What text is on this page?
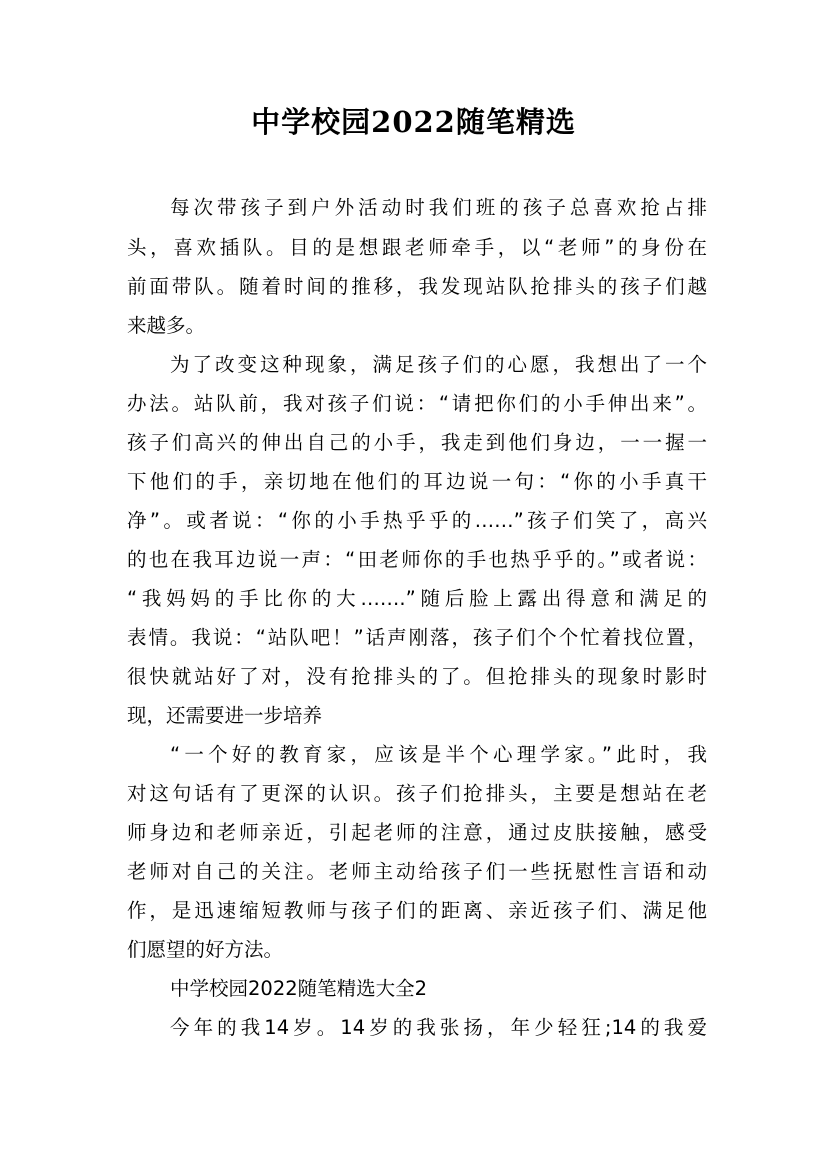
中学校园2022随笔精选
每次带孩子到户外活动时我们班的孩子总喜欢抢占排
头，喜欢插队。目的是想跟老师牵手，以“老师”的身份在
前面带队。随着时间的推移，我发现站队抢排头的孩子们越
来越多。
为了改变这种现象，满足孩子们的心愿，我想出了一个
办法。站队前，我对孩子们说：“请把你们的小手伸出来”。
孩子们高兴的伸出自己的小手，我走到他们身边，一一握一
下他们的手，亲切地在他们的耳边说一句：“你的小手真干
净”。或者说：“你的小手热乎乎的……”孩子们笑了，高兴
的也在我耳边说一声：“田老师你的手也热乎乎的。”或者说：
“我妈妈的手比你的大…….”随后脸上露出得意和满足的
表情。我说：“站队吧！”话声刚落，孩子们个个忙着找位置，
很快就站好了对，没有抢排头的了。但抢排头的现象时影时
现，还需要进一步培养
“一个好的教育家，应该是半个心理学家。”此时，我
对这句话有了更深的认识。孩子们抢排头，主要是想站在老
师身边和老师亲近，引起老师的注意，通过皮肤接触，感受
老师对自己的关注。老师主动给孩子们一些抚慰性言语和动
作，是迅速缩短教师与孩子们的距离、亲近孩子们、满足他
们愿望的好方法。
中学校园2022随笔精选大全2
今年的我14岁。14岁的我张扬，年少轻狂;14的我爱
